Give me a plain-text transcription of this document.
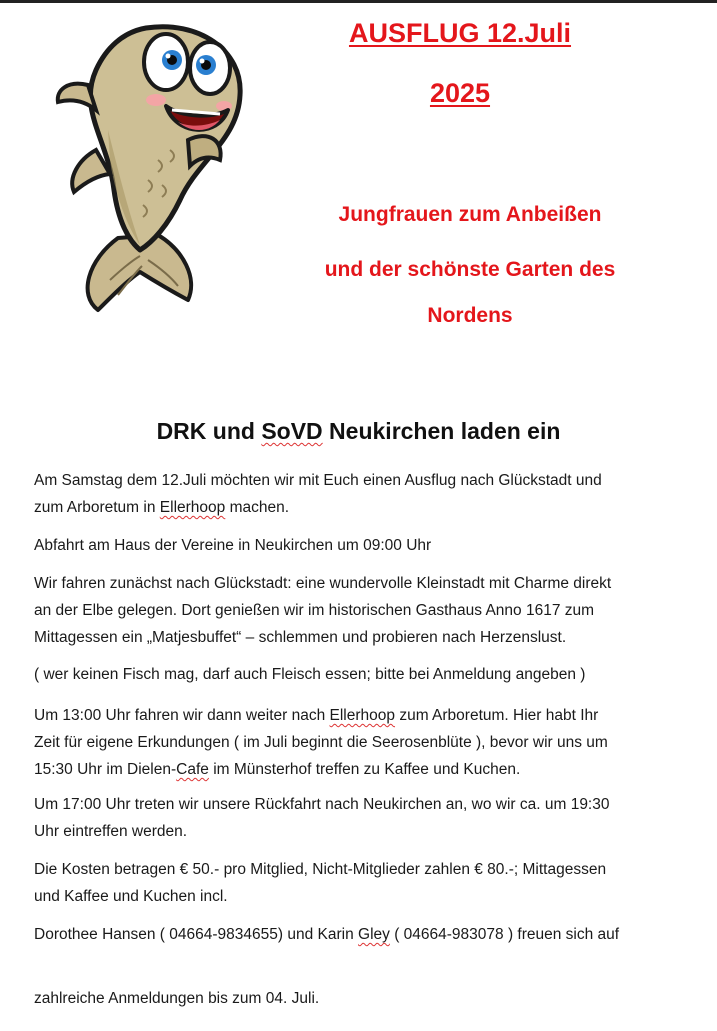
AUSFLUG 12.Juli
2025
Jungfrauen zum Anbeißen
und der schönste Garten des
Nordens
DRK und SoVD Neukirchen laden ein
Am Samstag dem 12.Juli möchten wir mit Euch einen Ausflug nach Glückstadt und
zum Arboretum in Ellerhoop machen.
Abfahrt am Haus der Vereine in Neukirchen um 09:00 Uhr
Wir fahren zunächst nach Glückstadt: eine wundervolle Kleinstadt mit Charme direkt
an der Elbe gelegen. Dort genießen wir im historischen Gasthaus Anno 1617 zum
Mittagessen ein „Matjesbuffet“ – schlemmen und probieren nach Herzenslust.
( wer keinen Fisch mag, darf auch Fleisch essen; bitte bei Anmeldung angeben )
Um 13:00 Uhr fahren wir dann weiter nach Ellerhoop zum Arboretum. Hier habt Ihr
Zeit für eigene Erkundungen ( im Juli beginnt die Seerosenblüte ), bevor wir uns um
15:30 Uhr im Dielen-Cafe im Münsterhof treffen zu Kaffee und Kuchen.
Um 17:00 Uhr treten wir unsere Rückfahrt nach Neukirchen an, wo wir ca. um 19:30
Uhr eintreffen werden.
Die Kosten betragen € 50.- pro Mitglied, Nicht-Mitglieder zahlen € 80.-; Mittagessen
und Kaffee und Kuchen incl.
Dorothee Hansen ( 04664-9834655) und Karin Gley ( 04664-983078 ) freuen sich auf
zahlreiche Anmeldungen bis zum 04. Juli.
